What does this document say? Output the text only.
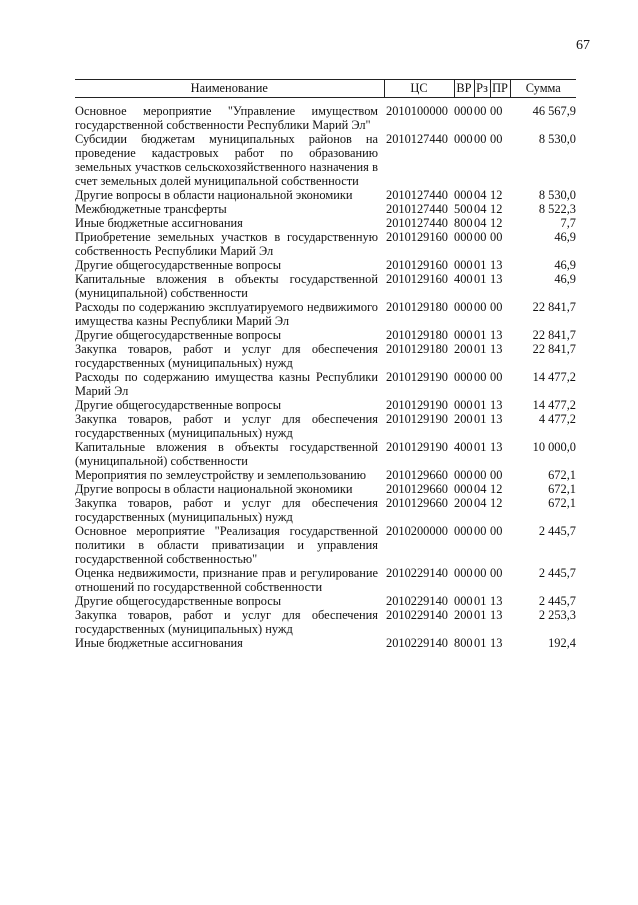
67
Наименование	ЦС	ВР	Рз	ПР	Сумма
Основное мероприятие "Управление имуществом государственной собственности Республики Марий Эл"	2010100000	000	00	00	46 567,9
Субсидии бюджетам муниципальных районов на проведение кадастровых работ по образованию земельных участков сельскохозяйственного назначения в счет земельных долей муниципальной собственности	2010127440	000	00	00	8 530,0
Другие вопросы в области национальной экономики	2010127440	000	04	12	8 530,0
Межбюджетные трансферты	2010127440	500	04	12	8 522,3
Иные бюджетные ассигнования	2010127440	800	04	12	7,7
Приобретение земельных участков в государственную собственность Республики Марий Эл	2010129160	000	00	00	46,9
Другие общегосударственные вопросы	2010129160	000	01	13	46,9
Капитальные вложения в объекты государственной (муниципальной) собственности	2010129160	400	01	13	46,9
Расходы по содержанию эксплуатируемого недвижимого имущества казны Республики Марий Эл	2010129180	000	00	00	22 841,7
Другие общегосударственные вопросы	2010129180	000	01	13	22 841,7
Закупка товаров, работ и услуг для обеспечения государственных (муниципальных) нужд	2010129180	200	01	13	22 841,7
Расходы по содержанию имущества казны Республики Марий Эл	2010129190	000	00	00	14 477,2
Другие общегосударственные вопросы	2010129190	000	01	13	14 477,2
Закупка товаров, работ и услуг для обеспечения государственных (муниципальных) нужд	2010129190	200	01	13	4 477,2
Капитальные вложения в объекты государственной (муниципальной) собственности	2010129190	400	01	13	10 000,0
Мероприятия по землеустройству и землепользованию	2010129660	000	00	00	672,1
Другие вопросы в области национальной экономики	2010129660	000	04	12	672,1
Закупка товаров, работ и услуг для обеспечения государственных (муниципальных) нужд	2010129660	200	04	12	672,1
Основное мероприятие "Реализация государственной политики в области приватизации и управления государственной собственностью"	2010200000	000	00	00	2 445,7
Оценка недвижимости, признание прав и регулирование отношений по государственной собственности	2010229140	000	00	00	2 445,7
Другие общегосударственные вопросы	2010229140	000	01	13	2 445,7
Закупка товаров, работ и услуг для обеспечения государственных (муниципальных) нужд	2010229140	200	01	13	2 253,3
Иные бюджетные ассигнования	2010229140	800	01	13	192,4
